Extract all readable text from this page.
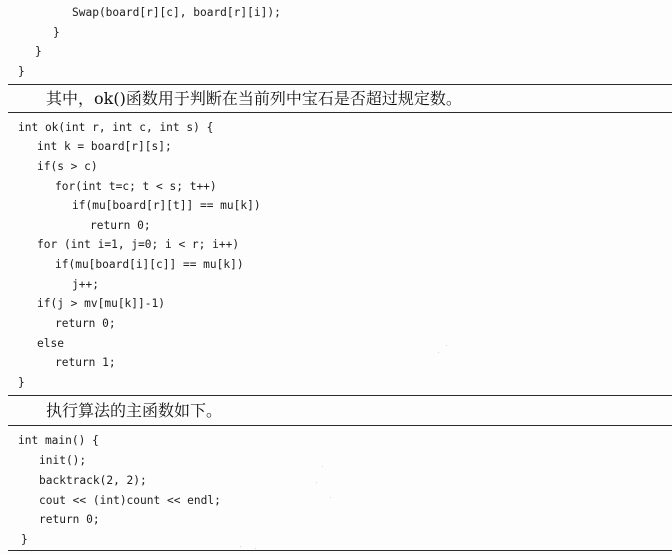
Swap(board[r][c], board[r][i]);
}
}
}
其中，ok()函数用于判断在当前列中宝石是否超过规定数。
int ok(int r, int c, int s) {
int k = board[r][s];
if(s > c)
for(int t=c; t < s; t++)
if(mu[board[r][t]] == mu[k])
return 0;
for (int i=1, j=0; i < r; i++)
if(mu[board[i][c]] == mu[k])
j++;
if(j > mv[mu[k]]-1)
return 0;
else
return 1;
}
执行算法的主函数如下。
int main() {
init();
backtrack(2, 2);
cout << (int)count << endl;
return 0;
}
